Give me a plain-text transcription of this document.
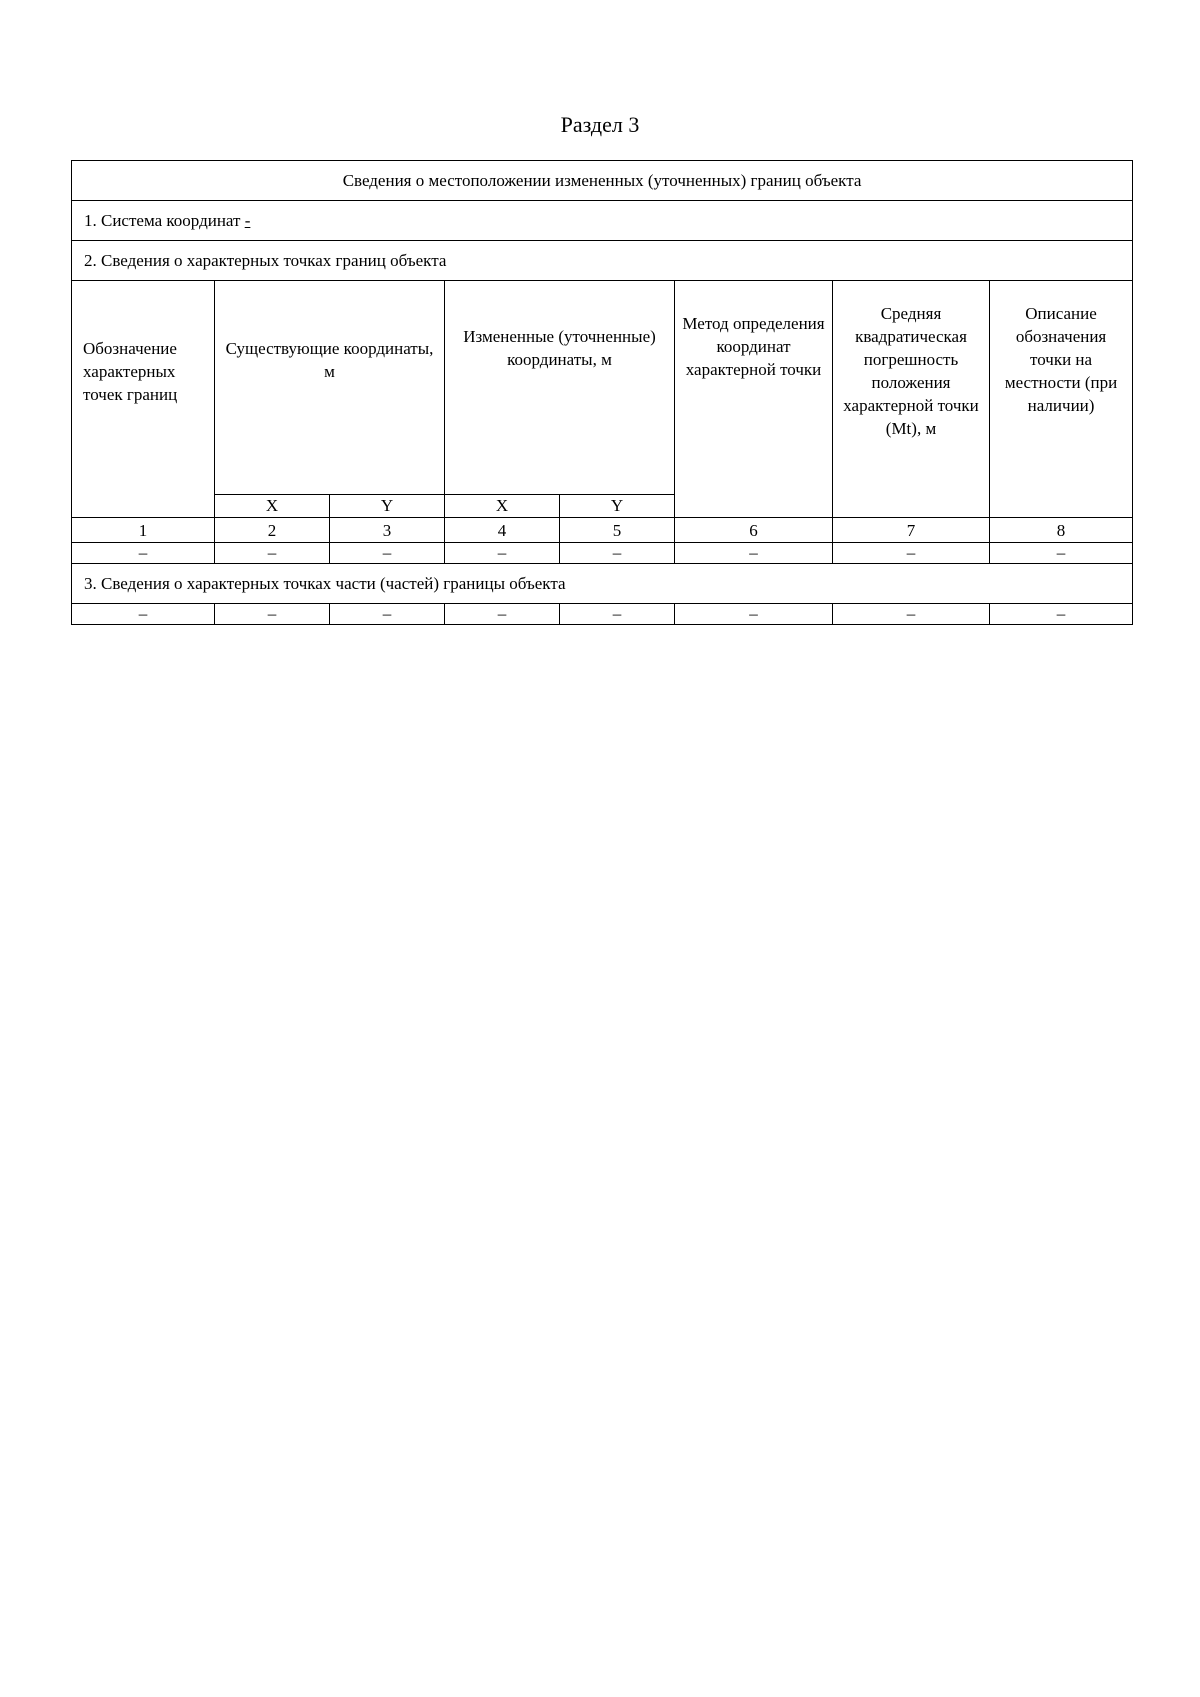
Раздел 3
Сведения о местоположении измененных (уточненных) границ объекта							
1. Система координат -							
2. Сведения о характерных точках границ объекта							
Обозначение характерных точек границ	Существующие координаты, м		Измененные (уточненные) координаты, м		Метод определения координат характерной точки	Средняя квадратическая погрешность положения характерной точки (Mt), м	Описание обозначения точки на местности (при наличии)
	X	Y	X	Y			
1	2	3	4	5	6	7	8
–	–	–	–	–	–	–	–
3. Сведения о характерных точках части (частей) границы объекта							
–	–	–	–	–	–	–	–
